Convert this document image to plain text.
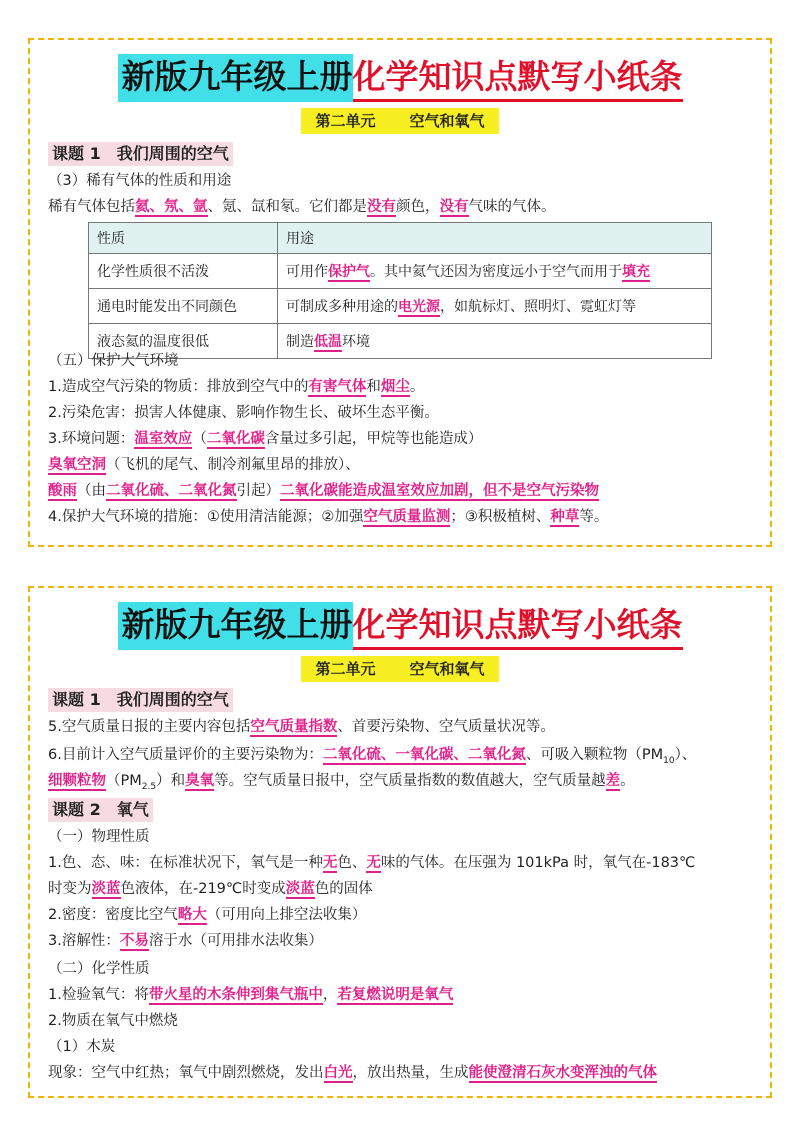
新版九年级上册化学知识点默写小纸条
第二单元 空气和氧气
课题 1　我们周围的空气
（3）稀有气体的性质和用途
稀有气体包括氦、氖、氩、氪、氙和氡。它们都是没有颜色，没有气味的气体。
性质	用途
化学性质很不活泼	可用作保护气。其中氦气还因为密度远小于空气而用于填充
通电时能发出不同颜色	可制成多种用途的电光源，如航标灯、照明灯、霓虹灯等
液态氦的温度很低	制造低温环境
（五）保护大气环境
1.造成空气污染的物质：排放到空气中的有害气体和烟尘。
2.污染危害：损害人体健康、影响作物生长、破坏生态平衡。
3.环境问题：温室效应（二氧化碳含量过多引起，甲烷等也能造成）
臭氧空洞（飞机的尾气、制冷剂氟里昂的排放）、
酸雨（由二氧化硫、二氧化氮引起）二氧化碳能造成温室效应加剧，但不是空气污染物
4.保护大气环境的措施：①使用清洁能源；②加强空气质量监测；③积极植树、种草等。
新版九年级上册化学知识点默写小纸条
第二单元 空气和氧气
课题 1　我们周围的空气
5.空气质量日报的主要内容包括空气质量指数、首要污染物、空气质量状况等。
6.目前计入空气质量评价的主要污染物为：二氧化硫、一氧化碳、二氧化氮、可吸入颗粒物$(PM_{10})$、
细颗粒物$(PM_{2.5})$和臭氧等。空气质量日报中，空气质量指数的数值越大，空气质量越差。
课题 2　氧气
（一）物理性质
1.色、态、味：在标准状况下，氧气是一种无色、无味的气体。在压强为 101kPa 时，氧气在-183℃
时变为淡蓝色液体，在-219℃时变成淡蓝色的固体
2.密度：密度比空气略大（可用向上排空法收集）
3.溶解性：不易溶于水（可用排水法收集）
（二）化学性质
1.检验氧气：将带火星的木条伸到集气瓶中，若复燃说明是氧气
2.物质在氧气中燃烧
（1）木炭
现象：空气中红热；氧气中剧烈燃烧，发出白光，放出热量，生成能使澄清石灰水变浑浊的气体
